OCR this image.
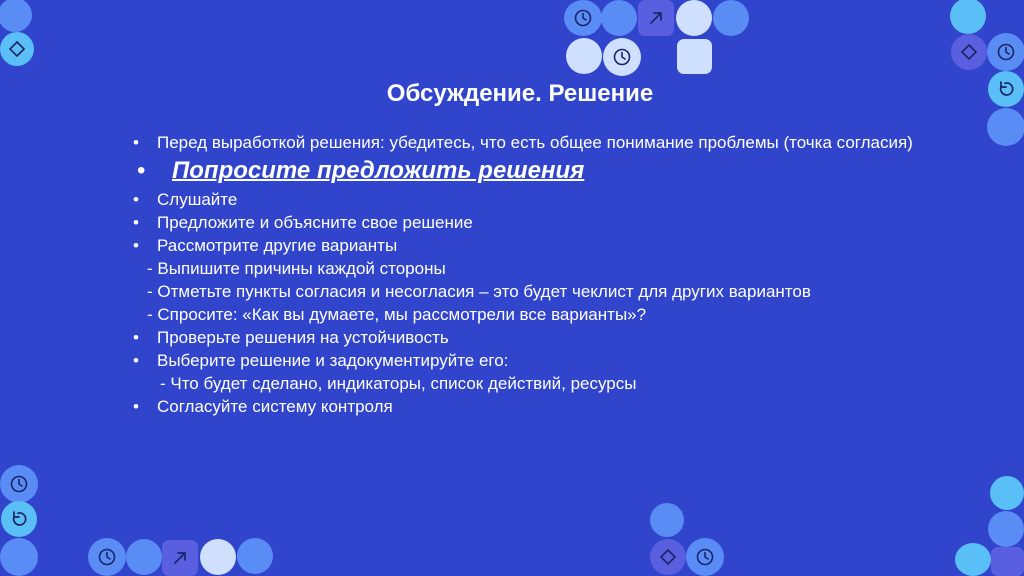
Обсуждение. Решение
• Перед выработкой решения: убедитесь, что есть общее понимание проблемы (точка согласия)
• Попросите предложить решения
• Слушайте
• Предложите и объясните свое решение
• Рассмотрите другие варианты
- Выпишите причины каждой стороны
- Отметьте пункты согласия и несогласия – это будет чеклист для других вариантов
- Спросите: «Как вы думаете, мы рассмотрели все варианты»?
• Проверьте решения на устойчивость
• Выберите решение и задокументируйте его:
- Что будет сделано, индикаторы, список действий, ресурсы
• Согласуйте систему контроля
